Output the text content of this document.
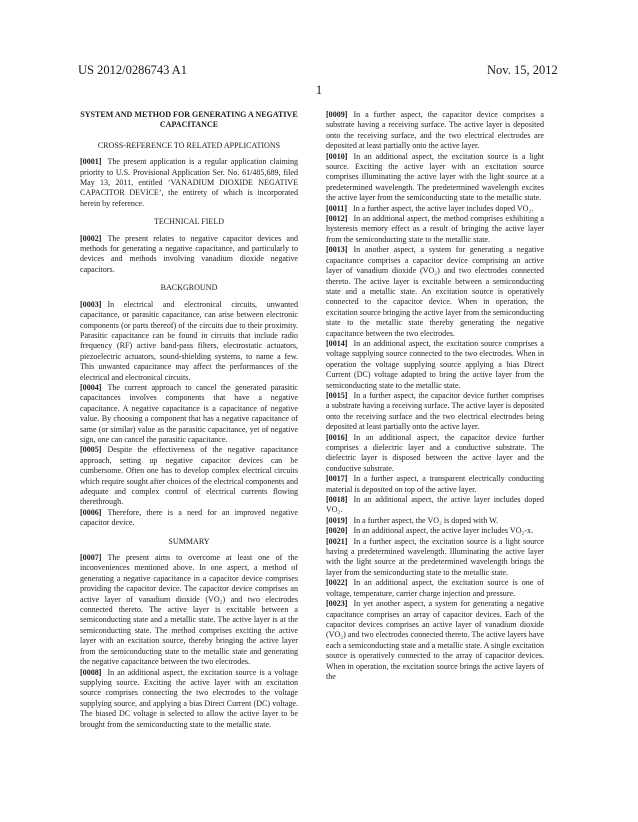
US 2012/0286743 A1	Nov. 15, 2012
1
SYSTEM AND METHOD FOR GENERATING A NEGATIVE CAPACITANCE
CROSS-REFERENCE TO RELATED APPLICATIONS
[0001] The present application is a regular application claiming priority to U.S. Provisional Application Ser. No. 61/485,689, filed May 13, 2011, entitled ‘VANADIUM DIOXIDE NEGATIVE CAPACITOR DEVICE’, the entirety of which is incorporated herein by reference.
TECHNICAL FIELD
[0002] The present relates to negative capacitor devices and methods for generating a negative capacitance, and particularly to devices and methods involving vanadium dioxide negative capacitors.
BACKGROUND
[0003] In electrical and electronical circuits, unwanted capacitance, or parasitic capacitance, can arise between electronic components (or parts thereof) of the circuits due to their proximity. Parasitic capacitance can be found in circuits that include radio frequency (RF) active band-pass filters, electrostatic actuators, piezoelectric actuators, sound-shielding systems, to name a few. This unwanted capacitance may affect the performances of the electrical and electronical circuits.
[0004] The current approach to cancel the generated parasitic capacitances involves components that have a negative capacitance. A negative capacitance is a capacitance of negative value. By choosing a component that has a negative capacitance of same (or similar) value as the parasitic capacitance, yet of negative sign, one can cancel the parasitic capacitance.
[0005] Despite the effectiveness of the negative capacitance approach, setting up negative capacitor devices can be cumbersome. Often one has to develop complex electrical circuits which require sought after choices of the electrical components and adequate and complex control of electrical currents flowing therethrough.
[0006] Therefore, there is a need for an improved negative capacitor device.
SUMMARY
[0007] The present aims to overcome at least one of the inconveniences mentioned above. In one aspect, a method of generating a negative capacitance in a capacitor device comprises providing the capacitor device. The capacitor device comprises an active layer of vanadium dioxide (VO₂) and two electrodes connected thereto. The active layer is excitable between a semiconducting state and a metallic state. The active layer is at the semiconducting state. The method comprises exciting the active layer with an excitation source, thereby bringing the active layer from the semiconducting state to the metallic state and generating the negative capacitance between the two electrodes.
[0008] In an additional aspect, the excitation source is a voltage supplying source. Exciting the active layer with an excitation source comprises connecting the two electrodes to the voltage supplying source, and applying a bias Direct Current (DC) voltage. The biased DC voltage is selected to allow the active layer to be brought from the semiconducting state to the metallic state.
[0009] In a further aspect, the capacitor device comprises a substrate having a receiving surface. The active layer is deposited onto the receiving surface, and the two electrical electrodes are deposited at least partially onto the active layer.
[0010] In an additional aspect, the excitation source is a light source. Exciting the active layer with an excitation source comprises illuminating the active layer with the light source at a predetermined wavelength. The predetermined wavelength excites the active layer from the semiconducting state to the metallic state.
[0011] In a further aspect, the active layer includes doped VO₂.
[0012] In an additional aspect, the method comprises exhibiting a hysteresis memory effect as a result of bringing the active layer from the semiconducting state to the metallic state.
[0013] In another aspect, a system for generating a negative capacitance comprises a capacitor device comprising an active layer of vanadium dioxide (VO₂) and two electrodes connected thereto. The active layer is excitable between a semiconducting state and a metallic state. An excitation source is operatively connected to the capacitor device. When in operation, the excitation source bringing the active layer from the semiconducting state to the metallic state thereby generating the negative capacitance between the two electrodes.
[0014] In an additional aspect, the excitation source comprises a voltage supplying source connected to the two electrodes. When in operation the voltage supplying source applying a bias Direct Current (DC) voltage adapted to bring the active layer from the semiconducting state to the metallic state.
[0015] In a further aspect, the capacitor device further comprises a substrate having a receiving surface. The active layer is deposited onto the receiving surface and the two electrical electrodes being deposited at least partially onto the active layer.
[0016] In an additional aspect, the capacitor device further comprises a dielectric layer and a conductive substrate. The dielectric layer is disposed between the active layer and the conductive substrate.
[0017] In a further aspect, a transparent electrically conducting material is deposited on top of the active layer.
[0018] In an additional aspect, the active layer includes doped VO₂.
[0019] In a further aspect, the VO₂ is doped with W.
[0020] In an additional aspect, the active layer includes VO₂-x.
[0021] In a further aspect, the excitation source is a light source having a predetermined wavelength. Illuminating the active layer with the light source at the predetermined wavelength brings the layer from the semiconducting state to the metallic state.
[0022] In an additional aspect, the excitation source is one of voltage, temperature, carrier charge injection and pressure.
[0023] In yet another aspect, a system for generating a negative capacitance comprises an array of capacitor devices. Each of the capacitor devices comprises an active layer of vanadium dioxide (VO₂) and two electrodes connected thereto. The active layers have each a semiconducting state and a metallic state. A single excitation source is operatively connected to the array of capacitor devices. When in operation, the excitation source brings the active layers of the
